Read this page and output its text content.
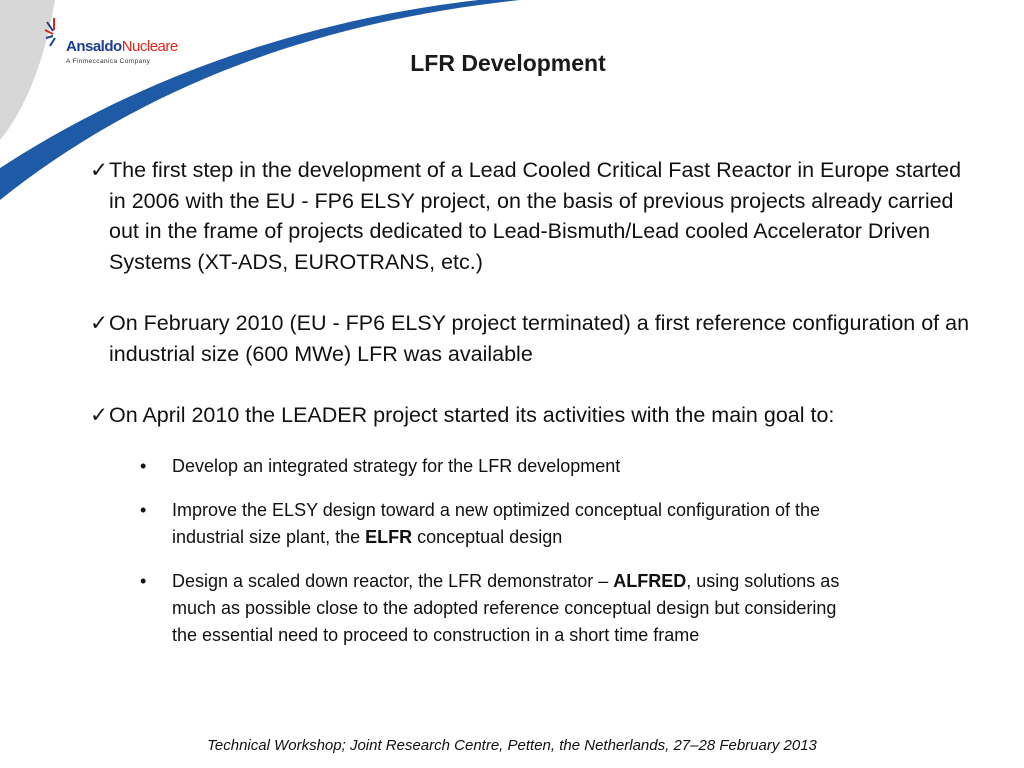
AnsaldoNucleare
A Finmeccanica Company	LFR Development
✓ The first step in the development of a Lead Cooled Critical Fast Reactor in Europe started in 2006 with the EU - FP6 ELSY project, on the basis of previous projects already carried out in the frame of projects dedicated to Lead-Bismuth/Lead cooled Accelerator Driven Systems (XT-ADS, EUROTRANS, etc.)
✓ On February 2010 (EU - FP6 ELSY project terminated) a first reference configuration of an industrial size (600 MWe) LFR was available
✓ On April 2010 the LEADER project started its activities with the main goal to:
• Develop an integrated strategy for the LFR development
• Improve the ELSY design toward a new optimized conceptual configuration of the industrial size plant, the ELFR conceptual design
• Design a scaled down reactor, the LFR demonstrator – ALFRED, using solutions as much as possible close to the adopted reference conceptual design but considering the essential need to proceed to construction in a short time frame
Technical Workshop; Joint Research Centre, Petten, the Netherlands, 27–28 February 2013
